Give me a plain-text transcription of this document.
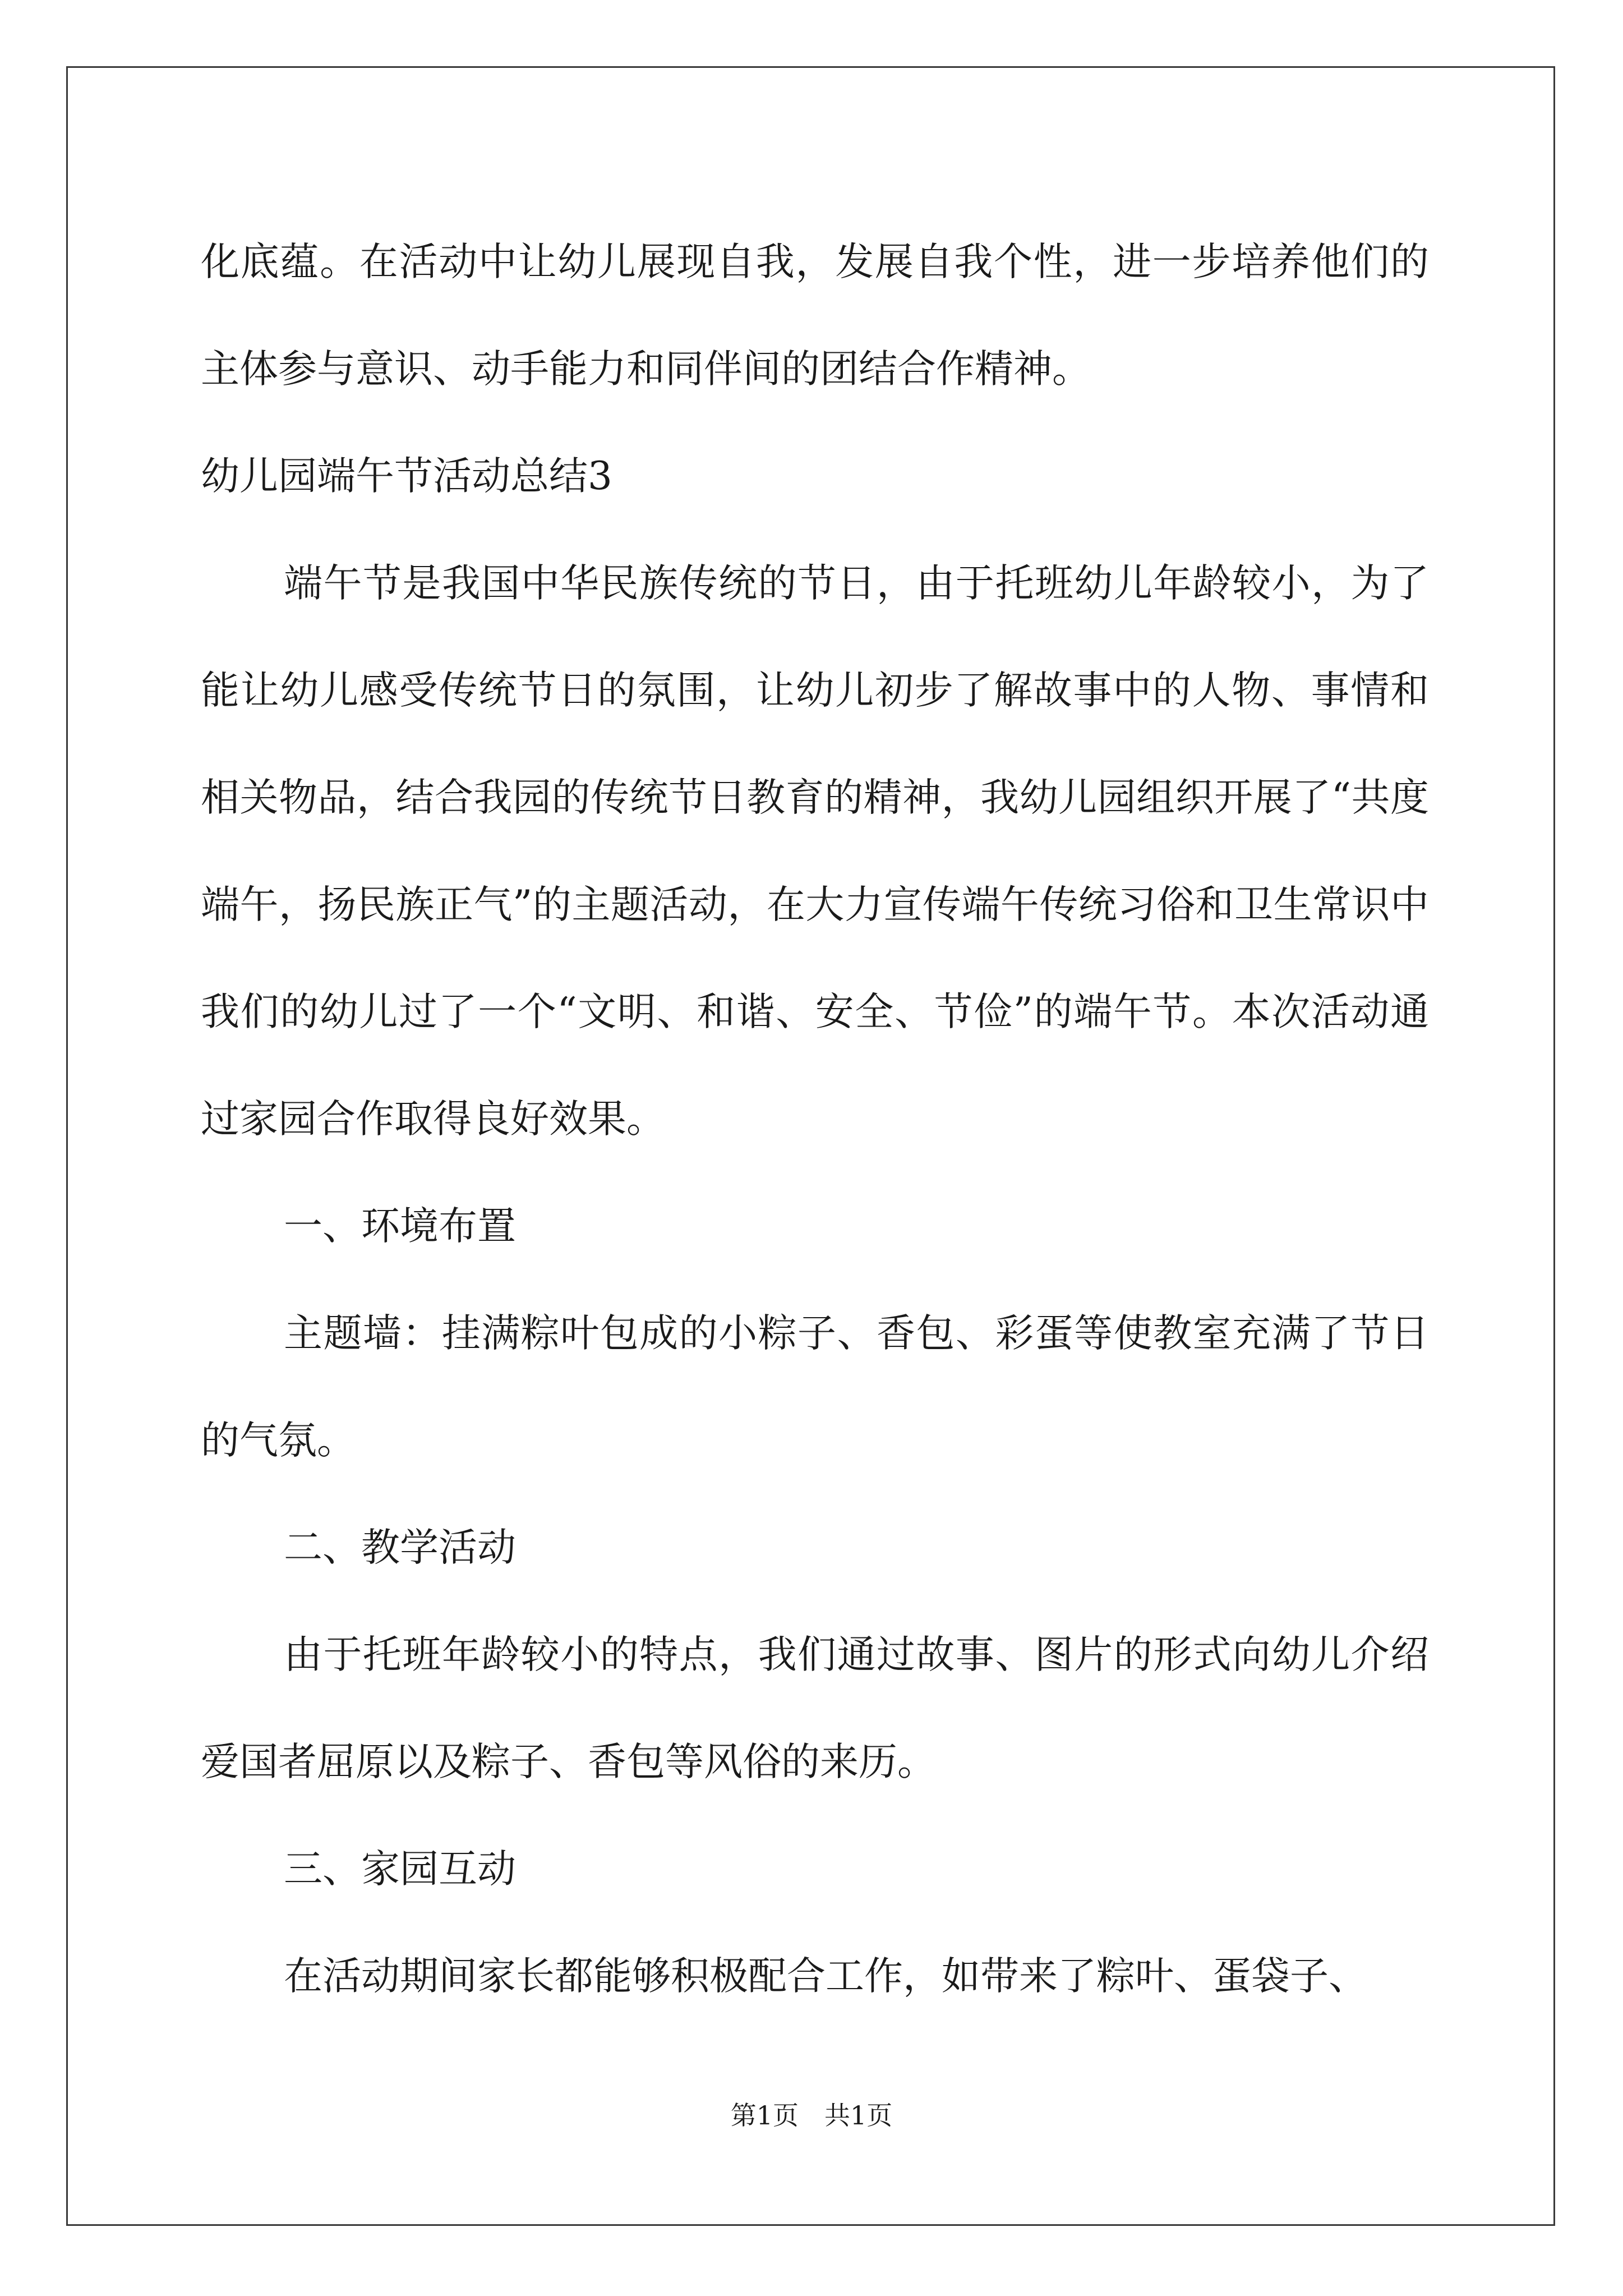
化底蕴。在活动中让幼儿展现自我，发展自我个性，进一步培养他们的主体参与意识、动手能力和同伴间的团结合作精神。

幼儿园端午节活动总结3

端午节是我国中华民族传统的节日，由于托班幼儿年龄较小，为了能让幼儿感受传统节日的氛围，让幼儿初步了解故事中的人物、事情和相关物品，结合我园的传统节日教育的精神，我幼儿园组织开展了“共度端午，扬民族正气”的主题活动，在大力宣传端午传统习俗和卫生常识中我们的幼儿过了一个“文明、和谐、安全、节俭”的端午节。本次活动通过家园合作取得良好效果。

一、环境布置

主题墙：挂满粽叶包成的小粽子、香包、彩蛋等使教室充满了节日的气氛。

二、教学活动

由于托班年龄较小的特点，我们通过故事、图片的形式向幼儿介绍爱国者屈原以及粽子、香包等风俗的来历。

三、家园互动

在活动期间家长都能够积极配合工作，如带来了粽叶、蛋袋子、

第1页 共1页
